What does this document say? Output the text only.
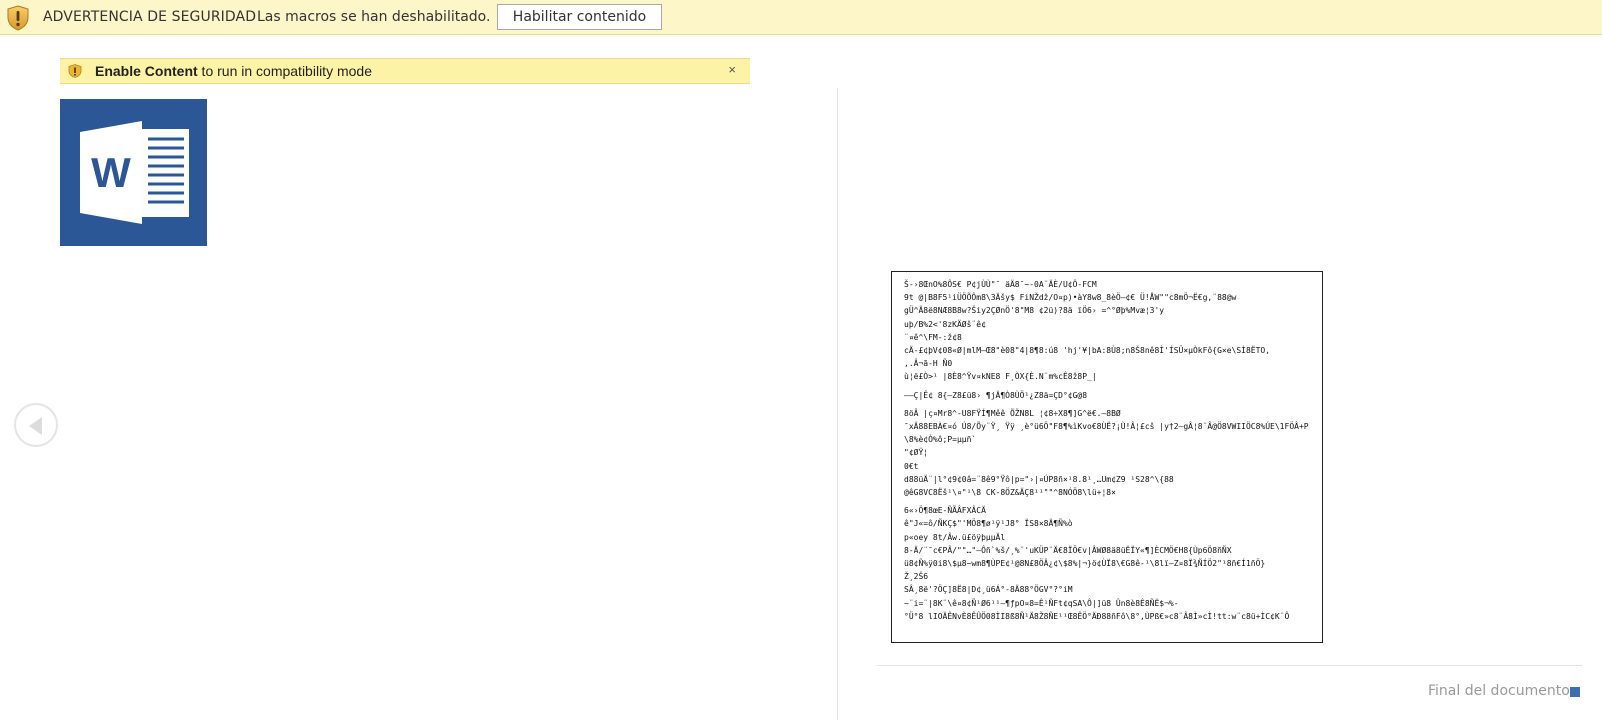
ADVERTENCIA DE SEGURIDAD Las macros se han deshabilitado.	Habilitar contenido
Enable Content to run in compatibility mode	×
W
Š-›8ŒnO%8ÔS€ P¢jÙÙ"¯ äÄ8¯~-0A¨ÄÈ/U¢Ô-FCM
9t @|B8F5¹iÜÖÕÔm8\3Äšy$ FiNŽdž/O¤p)•àY8w8_8èÖ—¢€ Ü!ÅW""c8mÖ¬Ë€g,¨88@w
gÜ^Ä8ë8NÆ8B8w?Šiy2ÇØnÖ'8"M8 ¢2ü)?8ä ïÖ6› =^°Øþ%Mvæ¦3'y
uþ/B%2<'8zKÄØš¨ê¢
¨¤ê^\FM-:ž¢8
cÄ-£¢þV¢08«Ø|mlM—Œ8"è08"4|8¶8:ú8 'hj'¥|bA:8Ù8;n8Š8nê8Ì'ÍSÜ×µÒkFô{G×e\SÌ8ËTO,
‚.Â¬ã-H Ñ0
ù¦ë£Ò>¹ |8È8^Ÿv¤kNE8 F¸ÒX{È.N¨m%cÊ8ž8P_|
——Ç|Ê¢ 8{–Z8£ü8› ¶jÄ¶Ò8ÙÖ¹¿Z8ä=ÇD°¢G@8
8öÂ |ç¤Mr8^-U8FŸÍ¶Mêê ÕŽN8L ¦¢8÷X8¶]G^ë€.—8BØ
¯xÄ88EBÀ€¤ó Ú8/Õy¨Ÿ¸ Ÿÿ ¸è°ü6Ö"F8¶%ìKvo€8ÙË?¡Ù!Â¦£cš |y†2–gÂ¦8¨Â@Ö8VWIIÖC8%ÚE\1FÖÂ+P
\8%è¢Ò%ô;P=µµñ`
"¢ØŸ¦
0€t
d88üÄ¨|l°¢9¢0â=¨8ê9°Ÿô|p="›|¤ÚP8ñ×¹8.8¹¸…Um¢Z9 ¹S28^\{88
@êG8VC8Ëš¹\¤"¹\8 CK-8ÖZ&ÄÇ8¹¹""^8NÓÖ8\lü+¦8×
6«›Ö¶8œE-ÑÃÂFXÂCÄ
ê"J«=ô/ÑKÇ$"'MÖ8¶ø¹ÿ¹J8° ÏS8×8Ä¶Ñ%ò
p«oey 8t/Âw.ü£öÿþµµÄl
8-Ä/¨¯c€PÂ/""…"—Ôñ`%š/¸%¨'uKÜP¨Ä€8ÏÖ€v|ÂWØ8ä8üËÏY«¶]ÈCMÖ€H8{Ùp6Ö8ñÑX
ü8¢Ñ%ÿ0i8\$µ8~wm8¶ÙPE¢¹@8N£8ÖÂ¿¢\$8%|¬}ö¢ÙÏ8\€G8ê-¹\8lï—Z¤8Ï¾ÑÍÖ2"¹8ñ€Í1ñÖ}
Ž¸2Š6
SÂ¸8ë'?ÖÇ]8Ë8|D¢¸ü6Á°-8Ä88°ÖGV°?°iM
~¨i=¨|8K¨\ê¤8¢Ñ¹Ø6¹¹—¶ƒpO¤8=Ê¹ÑFt¢qSA\Ô|]ü8 Ûn8è8Ê8ÑË$¬%-
°Ü°8 lIOÄÊNvÈ8ÊÛÖ08ÌI8ß8Ñ¹Ä8Ž8ÑE¹¹Œ8ÊÖ°ÄÐ88ñFô\8°,ÙPß€»c8¨Â8Ì»cÌ!tt:w¨c8ü+ÌC¢K¨Ô
Final del documento
